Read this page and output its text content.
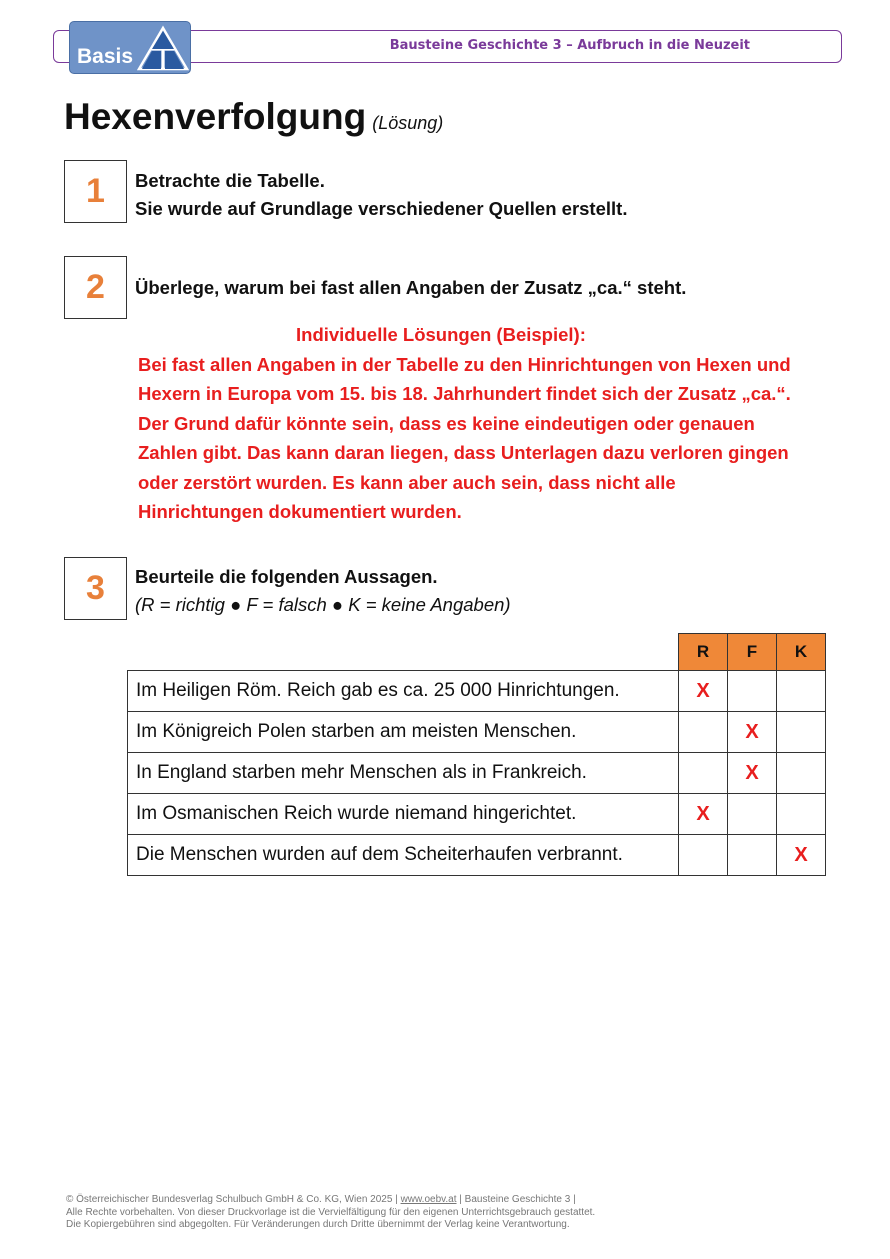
Bausteine Geschichte 3 – Aufbruch in die Neuzeit
Basis
Hexenverfolgung (Lösung)
1	Betrachte die Tabelle.
Sie wurde auf Grundlage verschiedener Quellen erstellt.
2	Überlege, warum bei fast allen Angaben der Zusatz „ca.“ steht.
Individuelle Lösungen (Beispiel):
Bei fast allen Angaben in der Tabelle zu den Hinrichtungen von Hexen und
Hexern in Europa vom 15. bis 18. Jahrhundert findet sich der Zusatz „ca.“.
Der Grund dafür könnte sein, dass es keine eindeutigen oder genauen
Zahlen gibt. Das kann daran liegen, dass Unterlagen dazu verloren gingen
oder zerstört wurden. Es kann aber auch sein, dass nicht alle
Hinrichtungen dokumentiert wurden.
3	Beurteile die folgenden Aussagen.
(R = richtig ● F = falsch ● K = keine Angaben)
	R	F	K
Im Heiligen Röm. Reich gab es ca. 25 000 Hinrichtungen.	X		
Im Königreich Polen starben am meisten Menschen.		X	
In England starben mehr Menschen als in Frankreich.		X	
Im Osmanischen Reich wurde niemand hingerichtet.	X		
Die Menschen wurden auf dem Scheiterhaufen verbrannt.			X
© Österreichischer Bundesverlag Schulbuch GmbH & Co. KG, Wien 2025 | www.oebv.at | Bausteine Geschichte 3 |
Alle Rechte vorbehalten. Von dieser Druckvorlage ist die Vervielfältigung für den eigenen Unterrichtsgebrauch gestattet.
Die Kopiergebühren sind abgegolten. Für Veränderungen durch Dritte übernimmt der Verlag keine Verantwortung.
